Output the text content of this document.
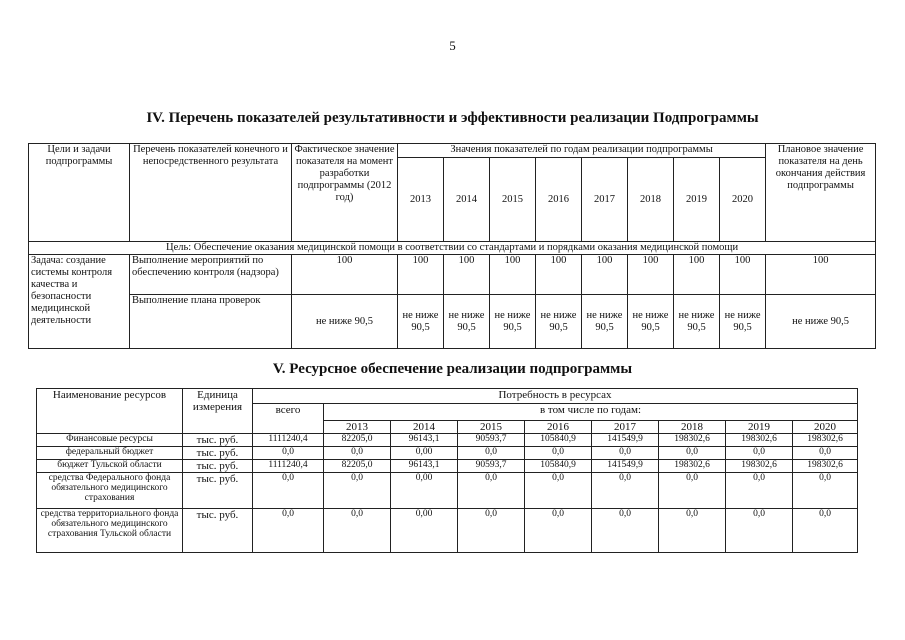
5
IV. Перечень показателей результативности и эффективности реализации Подпрограммы
Цели и задачи подпрограммы	Перечень показателей конечного и непосредственного результата	Фактическое значение показателя на момент разработки подпрограммы (2012 год)	Значения показателей по годам реализации подпрограммы								Плановое значение показателя на день окончания действия подпрограммы
			2013	2014	2015	2016	2017	2018	2019	2020	
Цель: Обеспечение оказания медицинской помощи в соответствии со стандартами и порядками оказания медицинской помощи											
Задача: создание системы контроля качества и безопасности медицинской деятельности	Выполнение мероприятий по обеспечению контроля (надзора)	100	100	100	100	100	100	100	100	100	100
	Выполнение плана проверок	не ниже 90,5	не ниже 90,5	не ниже 90,5	не ниже 90,5	не ниже 90,5	не ниже 90,5	не ниже 90,5	не ниже 90,5	не ниже 90,5	не ниже 90,5
V. Ресурсное обеспечение реализации подпрограммы
Наименование ресурсов	Единица измерения	Потребность в ресурсах								
		всего	в том числе по годам:							
			2013	2014	2015	2016	2017	2018	2019	2020
Финансовые ресурсы	тыс. руб.	1111240,4	82205,0	96143,1	90593,7	105840,9	141549,9	198302,6	198302,6	198302,6
федеральный бюджет	тыс. руб.	0,0	0,0	0,00	0,0	0,0	0,0	0,0	0,0	0,0
бюджет Тульской области	тыс. руб.	1111240,4	82205,0	96143,1	90593,7	105840,9	141549,9	198302,6	198302,6	198302,6
средства Федерального фонда обязательного медицинского страхования	тыс. руб.	0,0	0,0	0,00	0,0	0,0	0,0	0,0	0,0	0,0
средства территориального фонда обязательного медицинского страхования Тульской области	тыс. руб.	0,0	0,0	0,00	0,0	0,0	0,0	0,0	0,0	0,0
